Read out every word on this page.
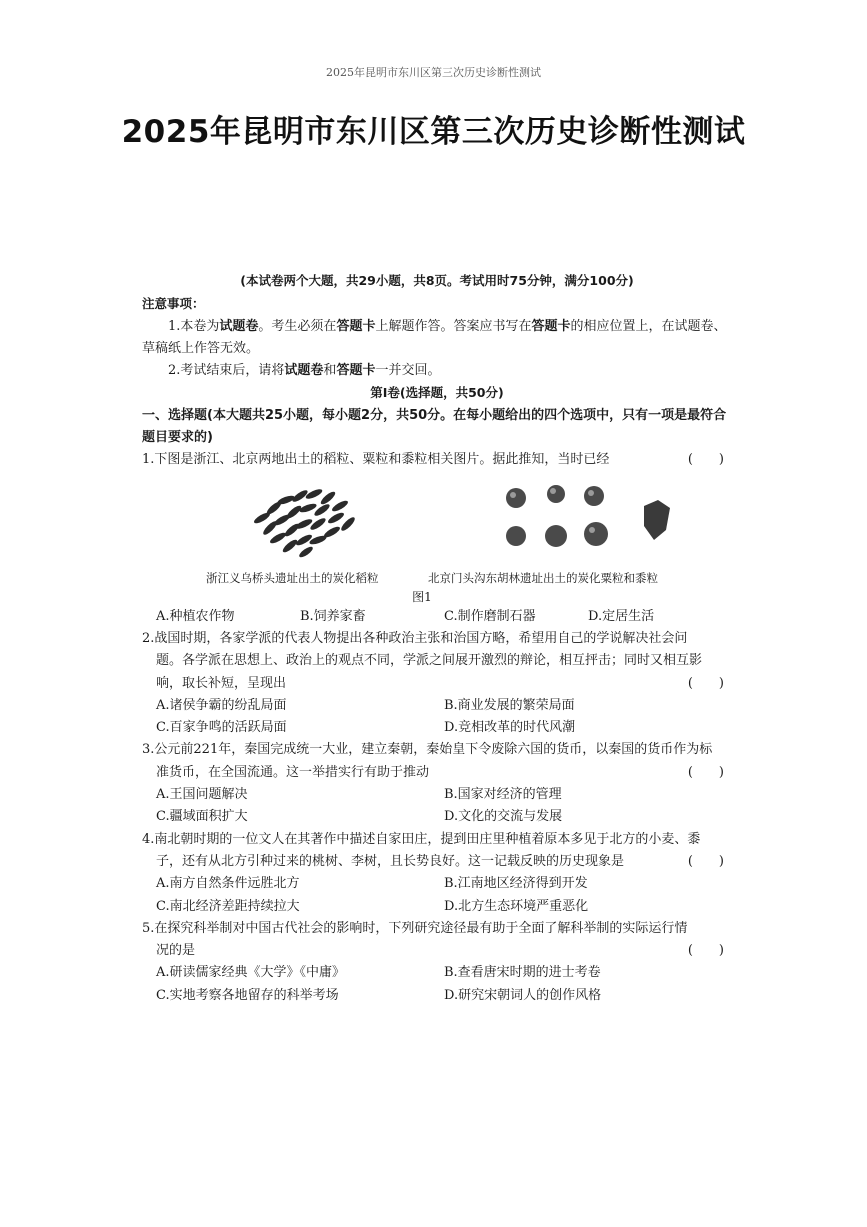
2025年昆明市东川区第三次历史诊断性测试
2025年昆明市东川区第三次历史诊断性测试
(本试卷两个大题，共29小题，共8页。考试用时75分钟，满分100分)
注意事项：
1.本卷为试题卷。考生必须在答题卡上解题作答。答案应书写在答题卡的相应位置上，在试题卷、草稿纸上作答无效。
2.考试结束后，请将试题卷和答题卡一并交回。
第Ⅰ卷(选择题，共50分)
一、选择题(本大题共25小题，每小题2分，共50分。在每小题给出的四个选项中，只有一项是最符合题目要求的)
(　　)
1.下图是浙江、北京两地出土的稻粒、粟粒和黍粒相关图片。据此推知，当时已经
浙江义乌桥头遗址出土的炭化稻粒	北京门头沟东胡林遗址出土的炭化粟粒和黍粒
图1
A.种植农作物	B.饲养家畜	C.制作磨制石器	D.定居生活
2.战国时期，各家学派的代表人物提出各种政治主张和治国方略，希望用自己的学说解决社会问
题。各学派在思想上、政治上的观点不同，学派之间展开激烈的辩论，相互抨击；同时又相互影
(　　)
响，取长补短，呈现出
A.诸侯争霸的纷乱局面	B.商业发展的繁荣局面
C.百家争鸣的活跃局面	D.竞相改革的时代风潮
3.公元前221年，秦国完成统一大业，建立秦朝，秦始皇下令废除六国的货币，以秦国的货币作为标
(　　)
准货币，在全国流通。这一举措实行有助于推动
A.王国问题解决	B.国家对经济的管理
C.疆域面积扩大	D.文化的交流与发展
4.南北朝时期的一位文人在其著作中描述自家田庄，提到田庄里种植着原本多见于北方的小麦、黍
(　　)
子，还有从北方引种过来的桃树、李树，且长势良好。这一记载反映的历史现象是
A.南方自然条件远胜北方	B.江南地区经济得到开发
C.南北经济差距持续拉大	D.北方生态环境严重恶化
5.在探究科举制对中国古代社会的影响时，下列研究途径最有助于全面了解科举制的实际运行情
(　　)
况的是
A.研读儒家经典《大学》《中庸》	B.查看唐宋时期的进士考卷
C.实地考察各地留存的科举考场	D.研究宋朝词人的创作风格
